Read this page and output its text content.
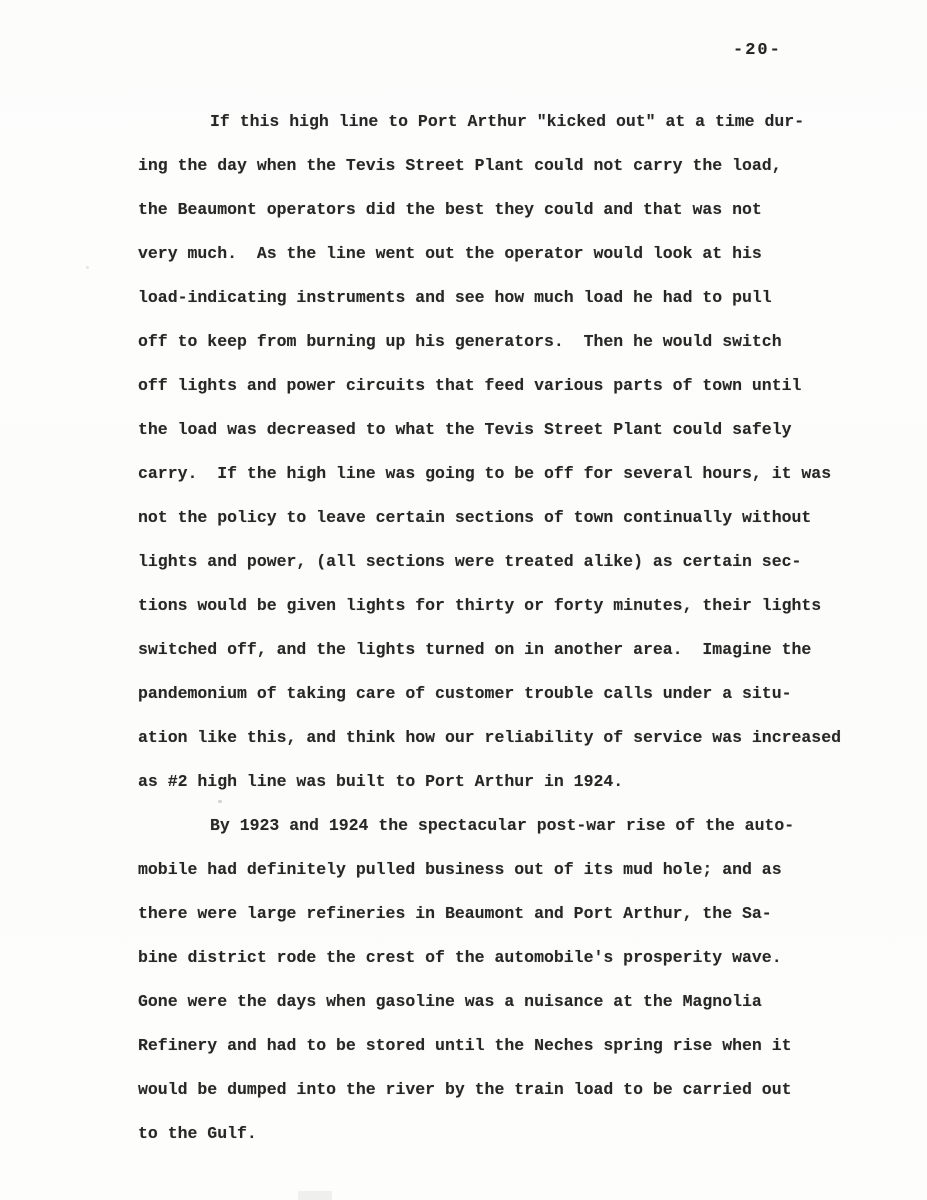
-20-
If this high line to Port Arthur "kicked out" at a time dur-
ing the day when the Tevis Street Plant could not carry the load,
the Beaumont operators did the best they could and that was not
very much.  As the line went out the operator would look at his
load-indicating instruments and see how much load he had to pull
off to keep from burning up his generators.  Then he would switch
off lights and power circuits that feed various parts of town until
the load was decreased to what the Tevis Street Plant could safely
carry.  If the high line was going to be off for several hours, it was
not the policy to leave certain sections of town continually without
lights and power, (all sections were treated alike) as certain sec-
tions would be given lights for thirty or forty minutes, their lights
switched off, and the lights turned on in another area.  Imagine the
pandemonium of taking care of customer trouble calls under a situ-
ation like this, and think how our reliability of service was increased
as #2 high line was built to Port Arthur in 1924.
By 1923 and 1924 the spectacular post-war rise of the auto-
mobile had definitely pulled business out of its mud hole; and as
there were large refineries in Beaumont and Port Arthur, the Sa-
bine district rode the crest of the automobile's prosperity wave.
Gone were the days when gasoline was a nuisance at the Magnolia
Refinery and had to be stored until the Neches spring rise when it
would be dumped into the river by the train load to be carried out
to the Gulf.
